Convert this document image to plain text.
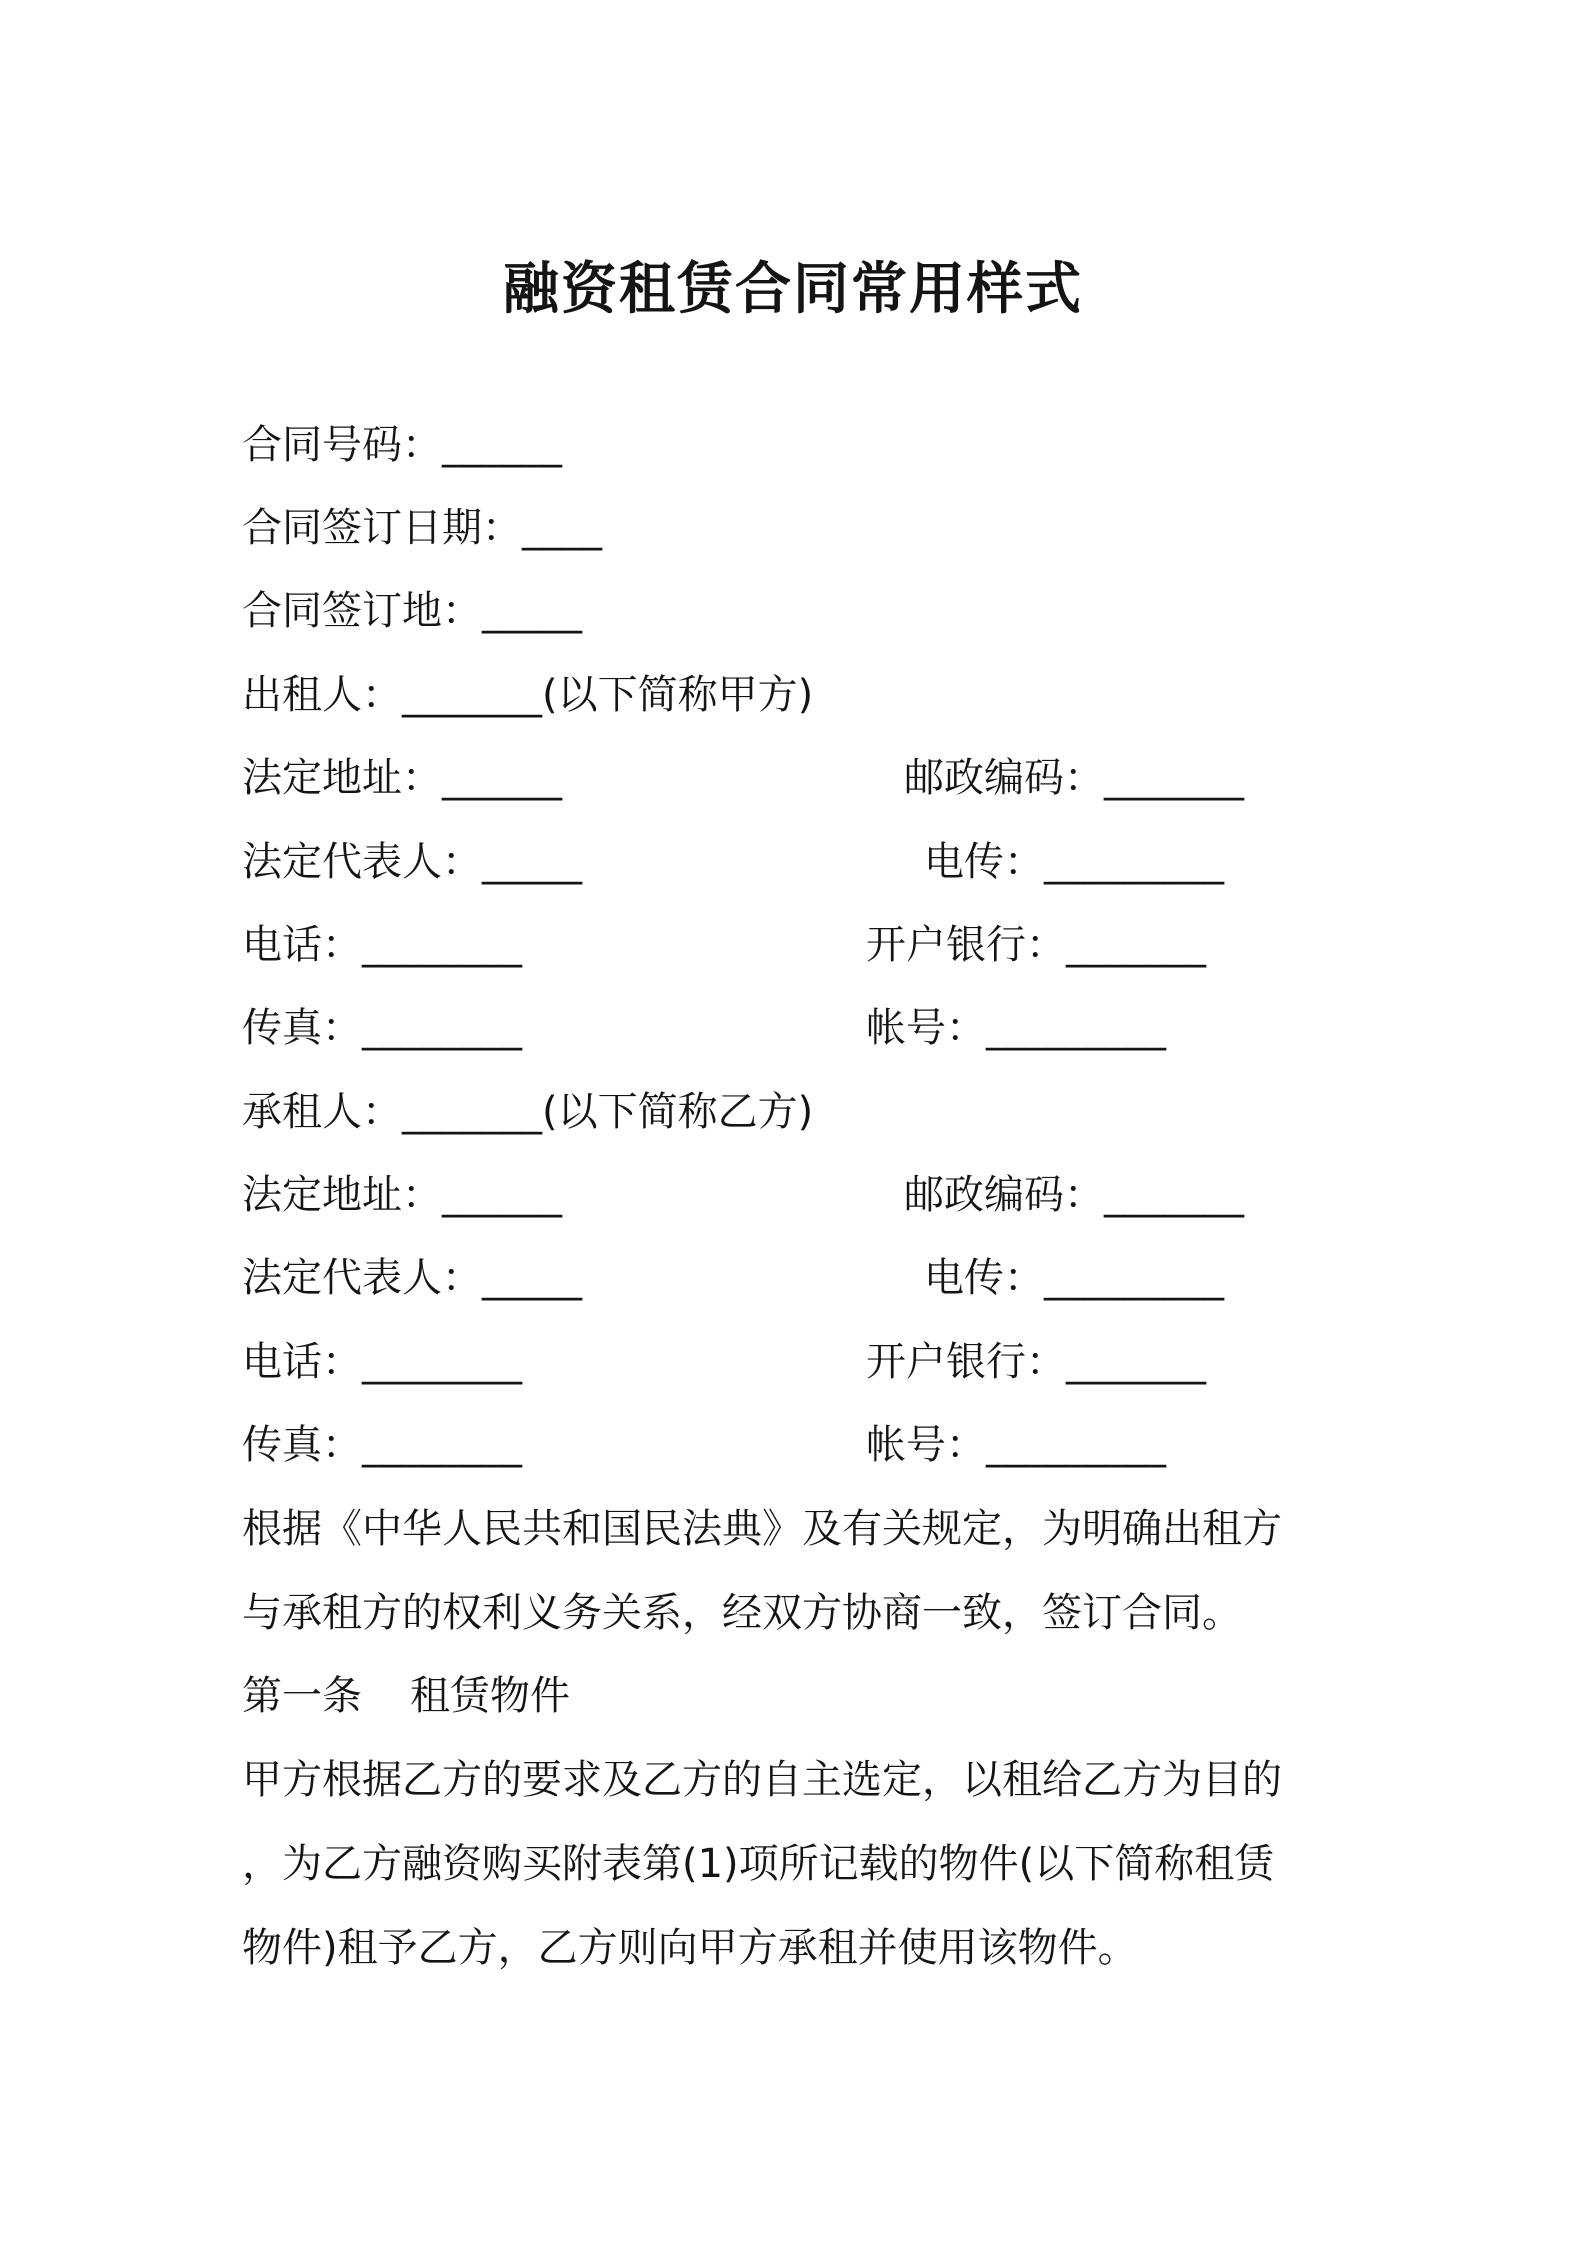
融资租赁合同常用样式
合同号码：______
合同签订日期：____
合同签订地：_____
出租人：_______(以下简称甲方)
法定地址：______	邮政编码：_______
法定代表人：_____	电传：_________
电话：________	开户银行：_______
传真：________	帐号：_________
承租人：_______(以下简称乙方)
法定地址：______	邮政编码：_______
法定代表人：_____	电传：_________
电话：________	开户银行：_______
传真：________	帐号：_________
根据《中华人民共和国民法典》及有关规定，为明确出租方
与承租方的权利义务关系，经双方协商一致，签订合同。
第一条 租赁物件
甲方根据乙方的要求及乙方的自主选定，以租给乙方为目的
，为乙方融资购买附表第(1)项所记载的物件(以下简称租赁
物件)租予乙方，乙方则向甲方承租并使用该物件。
